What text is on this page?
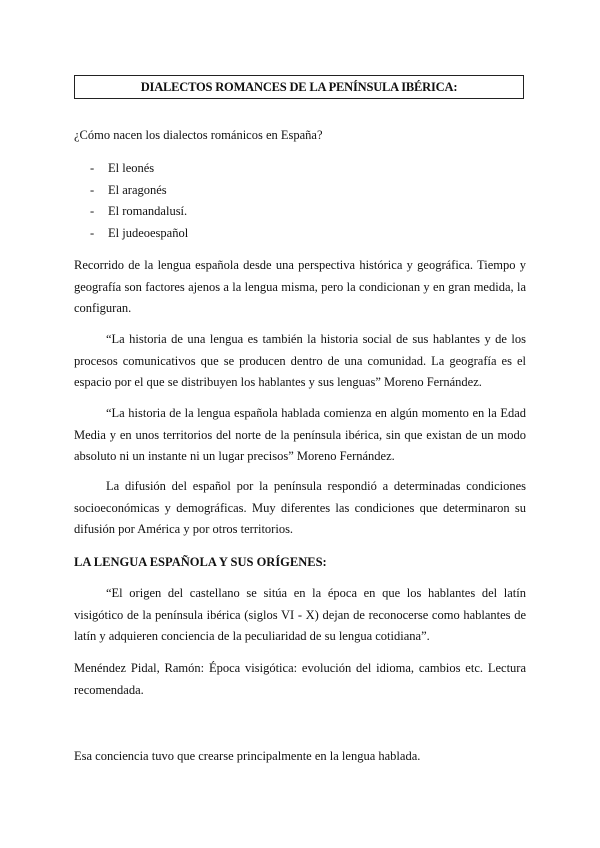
DIALECTOS ROMANCES DE LA PENÍNSULA IBÉRICA:

¿Cómo nacen los dialectos románicos en España?

- El leonés
- El aragonés
- El romandalusí.
- El judeoespañol

Recorrido de la lengua española desde una perspectiva histórica y geográfica. Tiempo y geografía son factores ajenos a la lengua misma, pero la condicionan y en gran medida, la configuran.

“La historia de una lengua es también la historia social de sus hablantes y de los procesos comunicativos que se producen dentro de una comunidad. La geografía es el espacio por el que se distribuyen los hablantes y sus lenguas” Moreno Fernández.

“La historia de la lengua española hablada comienza en algún momento en la Edad Media y en unos territorios del norte de la península ibérica, sin que existan de un modo absoluto ni un instante ni un lugar precisos” Moreno Fernández.

La difusión del español por la península respondió a determinadas condiciones socioeconómicas y demográficas. Muy diferentes las condiciones que determinaron su difusión por América y por otros territorios.

LA LENGUA ESPAÑOLA Y SUS ORÍGENES:

“El origen del castellano se sitúa en la época en que los hablantes del latín visigótico de la península ibérica (siglos VI - X) dejan de reconocerse como hablantes de latín y adquieren conciencia de la peculiaridad de su lengua cotidiana”.

Menéndez Pidal, Ramón: Época visigótica: evolución del idioma, cambios etc. Lectura recomendada.

Esa conciencia tuvo que crearse principalmente en la lengua hablada.
